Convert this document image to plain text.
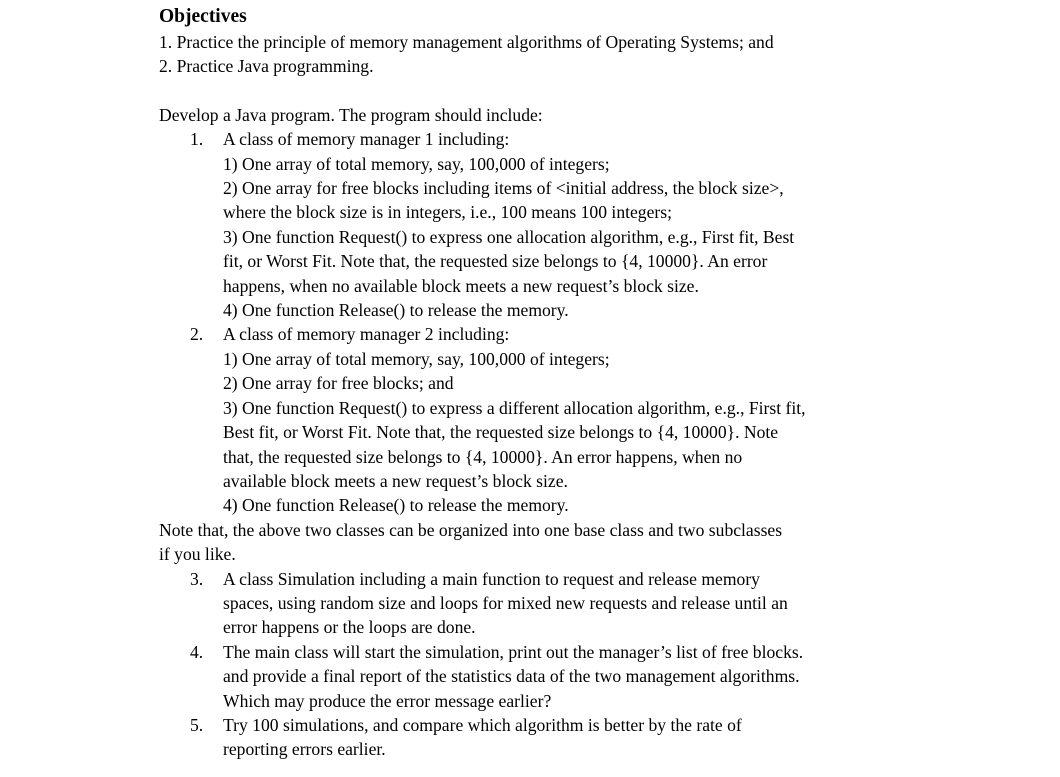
Objectives
1. Practice the principle of memory management algorithms of Operating Systems; and
2. Practice Java programming.
Develop a Java program. The program should include:
1. A class of memory manager 1 including:
1) One array of total memory, say, 100,000 of integers;
2) One array for free blocks including items of <initial address, the block size>,
where the block size is in integers, i.e., 100 means 100 integers;
3) One function Request() to express one allocation algorithm, e.g., First fit, Best
fit, or Worst Fit. Note that, the requested size belongs to {4, 10000}. An error
happens, when no available block meets a new request’s block size.
4) One function Release() to release the memory.
2. A class of memory manager 2 including:
1) One array of total memory, say, 100,000 of integers;
2) One array for free blocks; and
3) One function Request() to express a different allocation algorithm, e.g., First fit,
Best fit, or Worst Fit. Note that, the requested size belongs to {4, 10000}. Note
that, the requested size belongs to {4, 10000}. An error happens, when no
available block meets a new request’s block size.
4) One function Release() to release the memory.
Note that, the above two classes can be organized into one base class and two subclasses
if you like.
3. A class Simulation including a main function to request and release memory
spaces, using random size and loops for mixed new requests and release until an
error happens or the loops are done.
4. The main class will start the simulation, print out the manager’s list of free blocks.
and provide a final report of the statistics data of the two management algorithms.
Which may produce the error message earlier?
5. Try 100 simulations, and compare which algorithm is better by the rate of
reporting errors earlier.
